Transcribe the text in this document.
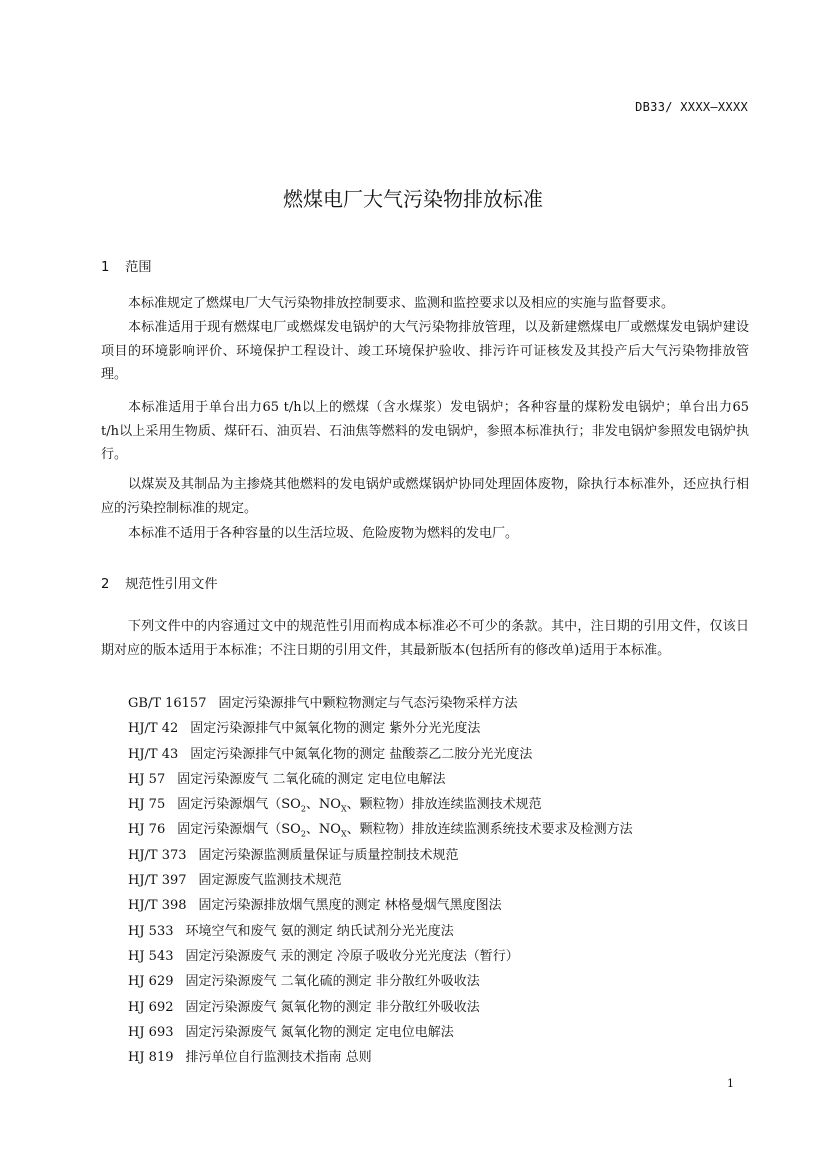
DB33/ XXXX—XXXX
燃煤电厂大气污染物排放标准
1 范围

本标准规定了燃煤电厂大气污染物排放控制要求、监测和监控要求以及相应的实施与监督要求。

本标准适用于现有燃煤电厂或燃煤发电锅炉的大气污染物排放管理，以及新建燃煤电厂或燃煤发电锅炉建设项目的环境影响评价、环境保护工程设计、竣工环境保护验收、排污许可证核发及其投产后大气污染物排放管理。

本标准适用于单台出力65 t/h以上的燃煤（含水煤浆）发电锅炉；各种容量的煤粉发电锅炉；单台出力65 t/h以上采用生物质、煤矸石、油页岩、石油焦等燃料的发电锅炉，参照本标准执行；非发电锅炉参照发电锅炉执行。

以煤炭及其制品为主掺烧其他燃料的发电锅炉或燃煤锅炉协同处理固体废物，除执行本标准外，还应执行相应的污染控制标准的规定。

本标准不适用于各种容量的以生活垃圾、危险废物为燃料的发电厂。

2 规范性引用文件

下列文件中的内容通过文中的规范性引用而构成本标准必不可少的条款。其中，注日期的引用文件，仅该日期对应的版本适用于本标准；不注日期的引用文件，其最新版本(包括所有的修改单)适用于本标准。

GB/T 16157 固定污染源排气中颗粒物测定与气态污染物采样方法
HJ/T 42 固定污染源排气中氮氧化物的测定 紫外分光光度法
HJ/T 43 固定污染源排气中氮氧化物的测定 盐酸萘乙二胺分光光度法
HJ 57 固定污染源废气 二氧化硫的测定 定电位电解法
HJ 75 固定污染源烟气（$SO_2$、$NO_X$、颗粒物）排放连续监测技术规范
HJ 76 固定污染源烟气（$SO_2$、$NO_X$、颗粒物）排放连续监测系统技术要求及检测方法
HJ/T 373 固定污染源监测质量保证与质量控制技术规范
HJ/T 397 固定源废气监测技术规范
HJ/T 398 固定污染源排放烟气黑度的测定 林格曼烟气黑度图法
HJ 533 环境空气和废气 氨的测定 纳氏试剂分光光度法
HJ 543 固定污染源废气 汞的测定 冷原子吸收分光光度法（暂行）
HJ 629 固定污染源废气 二氧化硫的测定 非分散红外吸收法
HJ 692 固定污染源废气 氮氧化物的测定 非分散红外吸收法
HJ 693 固定污染源废气 氮氧化物的测定 定电位电解法
HJ 819 排污单位自行监测技术指南 总则
1
